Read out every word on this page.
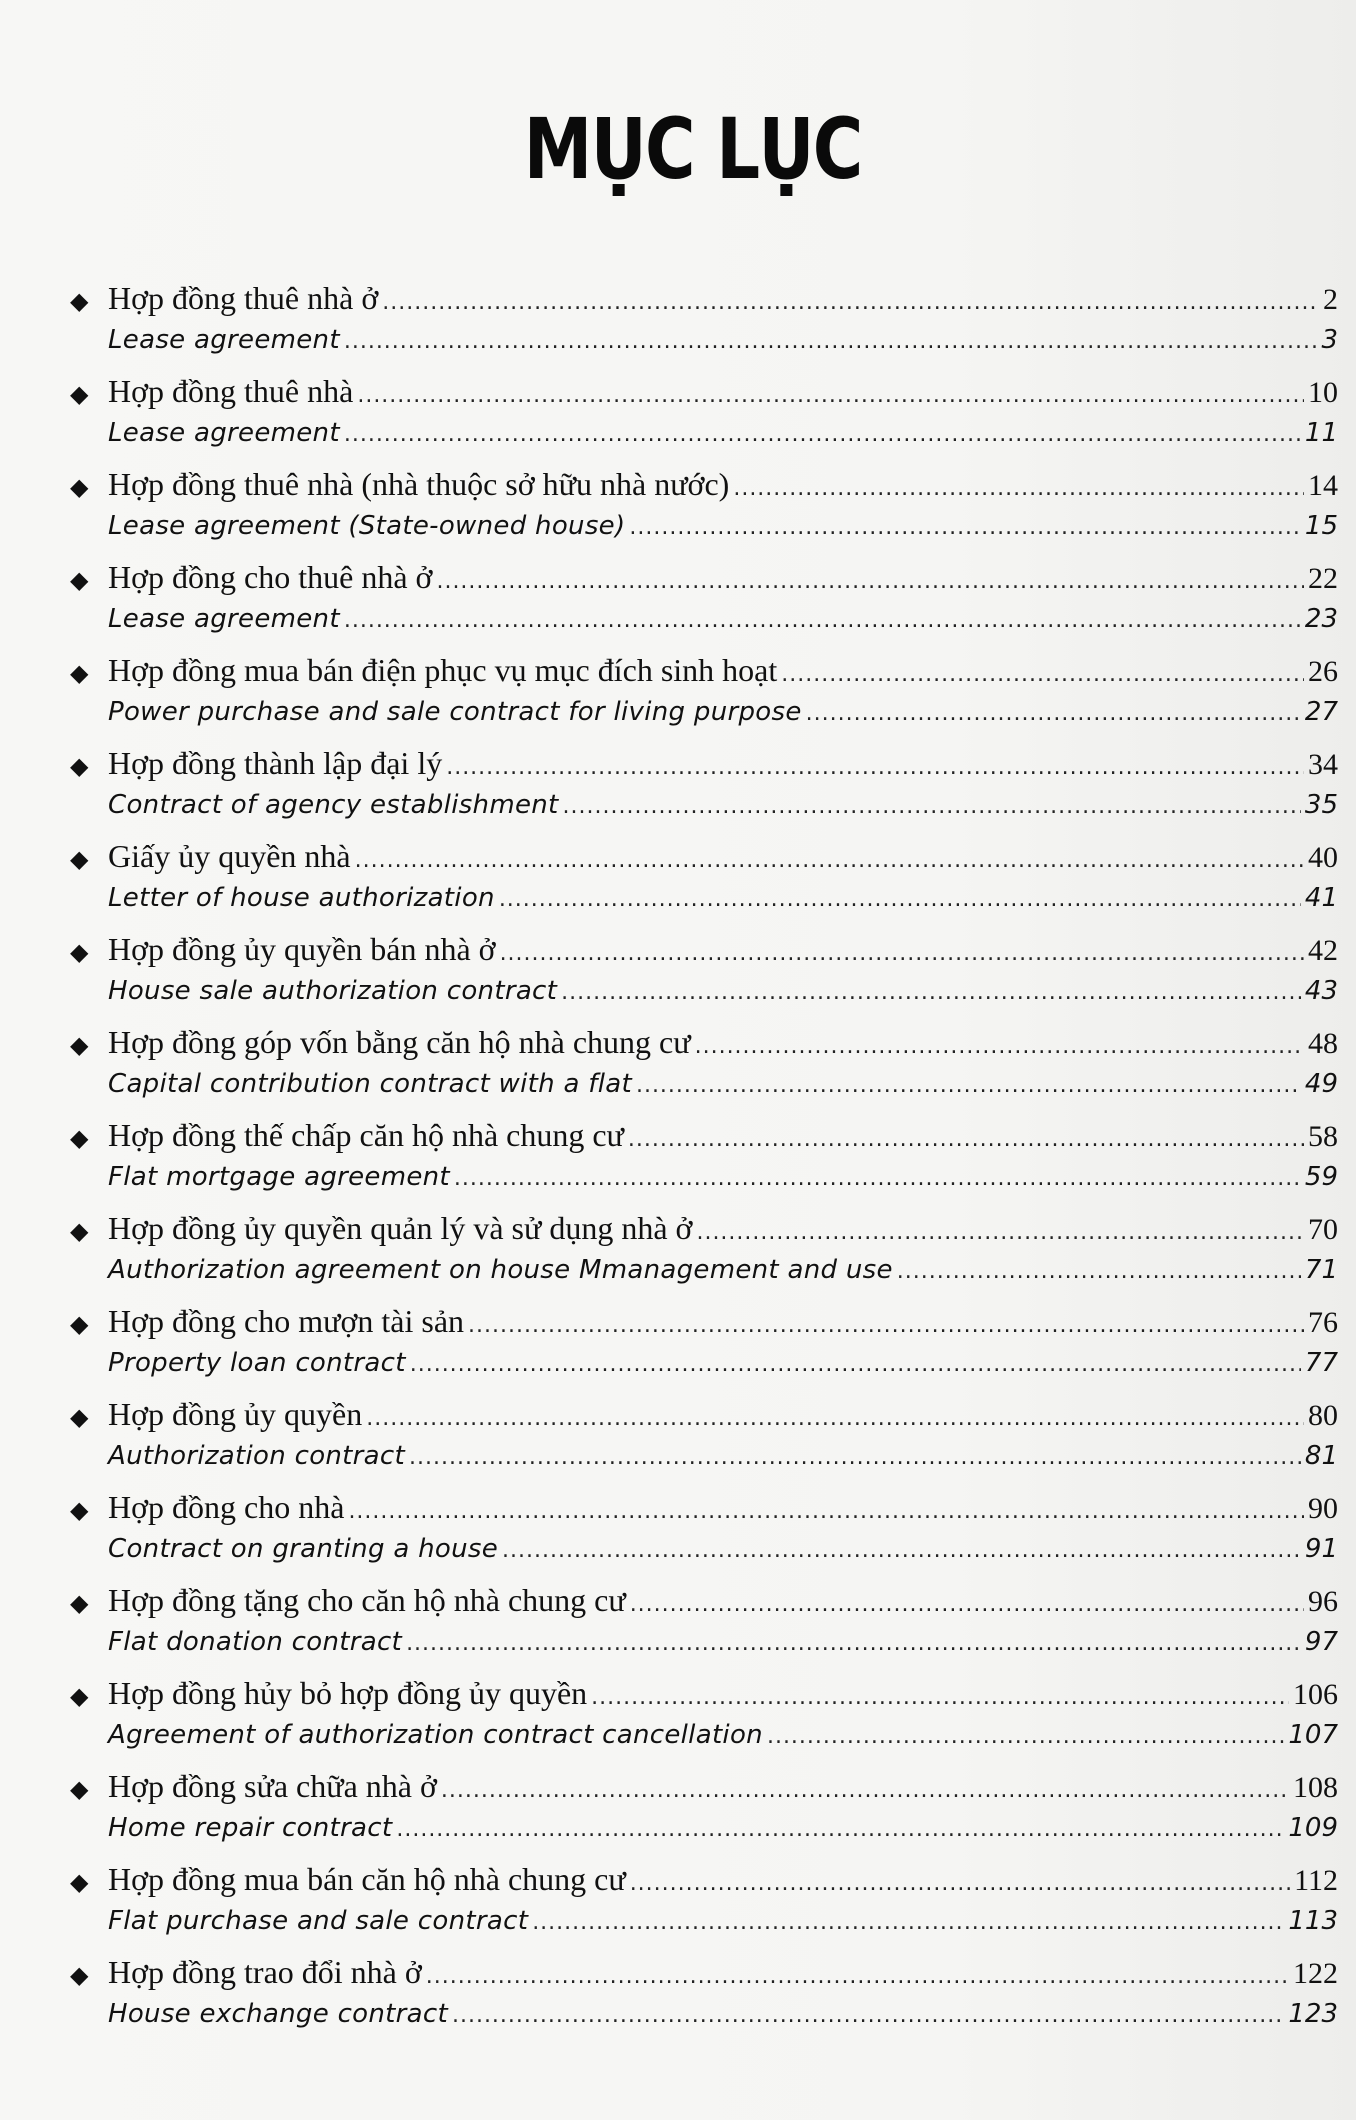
MỤC LỤC
◆ Hợp đồng thuê nhà ở .....	2
Lease agreement .....	3
◆ Hợp đồng thuê nhà .....	10
Lease agreement .....	11
◆ Hợp đồng thuê nhà (nhà thuộc sở hữu nhà nước) .....	14
Lease agreement (State-owned house) .....	15
◆ Hợp đồng cho thuê nhà ở .....	22
Lease agreement .....	23
◆ Hợp đồng mua bán điện phục vụ mục đích sinh hoạt .....	26
Power purchase and sale contract for living purpose .....	27
◆ Hợp đồng thành lập đại lý .....	34
Contract of agency establishment .....	35
◆ Giấy ủy quyền nhà .....	40
Letter of house authorization .....	41
◆ Hợp đồng ủy quyền bán nhà ở .....	42
House sale authorization contract .....	43
◆ Hợp đồng góp vốn bằng căn hộ nhà chung cư .....	48
Capital contribution contract with a flat .....	49
◆ Hợp đồng thế chấp căn hộ nhà chung cư .....	58
Flat mortgage agreement .....	59
◆ Hợp đồng ủy quyền quản lý và sử dụng nhà ở .....	70
Authorization agreement on house Mmanagement and use .....	71
◆ Hợp đồng cho mượn tài sản .....	76
Property loan contract .....	77
◆ Hợp đồng ủy quyền .....	80
Authorization contract .....	81
◆ Hợp đồng cho nhà .....	90
Contract on granting a house .....	91
◆ Hợp đồng tặng cho căn hộ nhà chung cư .....	96
Flat donation contract .....	97
◆ Hợp đồng hủy bỏ hợp đồng ủy quyền .....	106
Agreement of authorization contract cancellation .....	107
◆ Hợp đồng sửa chữa nhà ở .....	108
Home repair contract .....	109
◆ Hợp đồng mua bán căn hộ nhà chung cư .....	112
Flat purchase and sale contract .....	113
◆ Hợp đồng trao đổi nhà ở .....	122
House exchange contract .....	123
